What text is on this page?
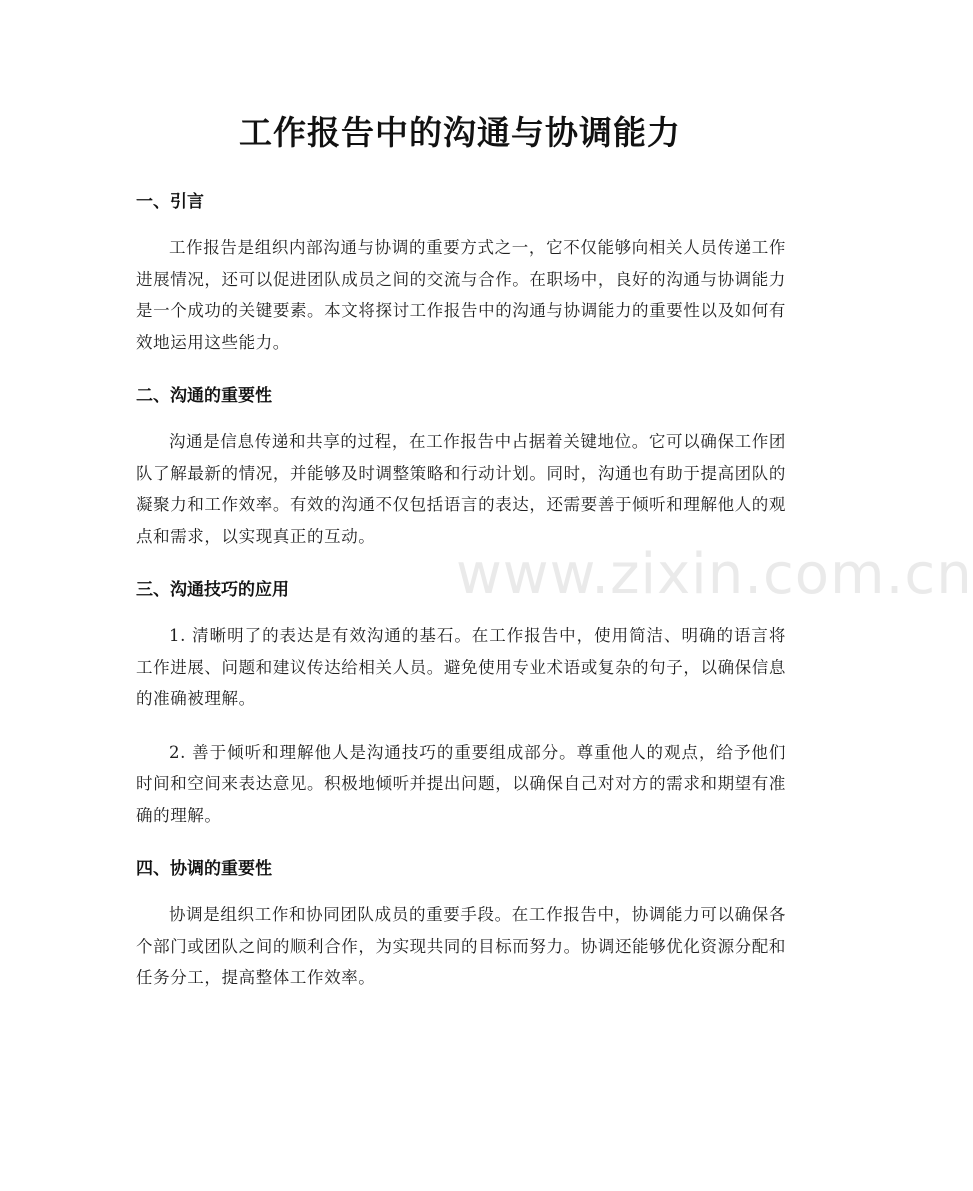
工作报告中的沟通与协调能力
www.zixin.com.cn
一、引言

工作报告是组织内部沟通与协调的重要方式之一，它不仅能够向相关人员传递工作进展情况，还可以促进团队成员之间的交流与合作。在职场中，良好的沟通与协调能力是一个成功的关键要素。本文将探讨工作报告中的沟通与协调能力的重要性以及如何有效地运用这些能力。

二、沟通的重要性

沟通是信息传递和共享的过程，在工作报告中占据着关键地位。它可以确保工作团队了解最新的情况，并能够及时调整策略和行动计划。同时，沟通也有助于提高团队的凝聚力和工作效率。有效的沟通不仅包括语言的表达，还需要善于倾听和理解他人的观点和需求，以实现真正的互动。

三、沟通技巧的应用

1. 清晰明了的表达是有效沟通的基石。在工作报告中，使用简洁、明确的语言将工作进展、问题和建议传达给相关人员。避免使用专业术语或复杂的句子，以确保信息的准确被理解。

2. 善于倾听和理解他人是沟通技巧的重要组成部分。尊重他人的观点，给予他们时间和空间来表达意见。积极地倾听并提出问题，以确保自己对对方的需求和期望有准确的理解。

四、协调的重要性

协调是组织工作和协同团队成员的重要手段。在工作报告中，协调能力可以确保各个部门或团队之间的顺利合作，为实现共同的目标而努力。协调还能够优化资源分配和任务分工，提高整体工作效率。
